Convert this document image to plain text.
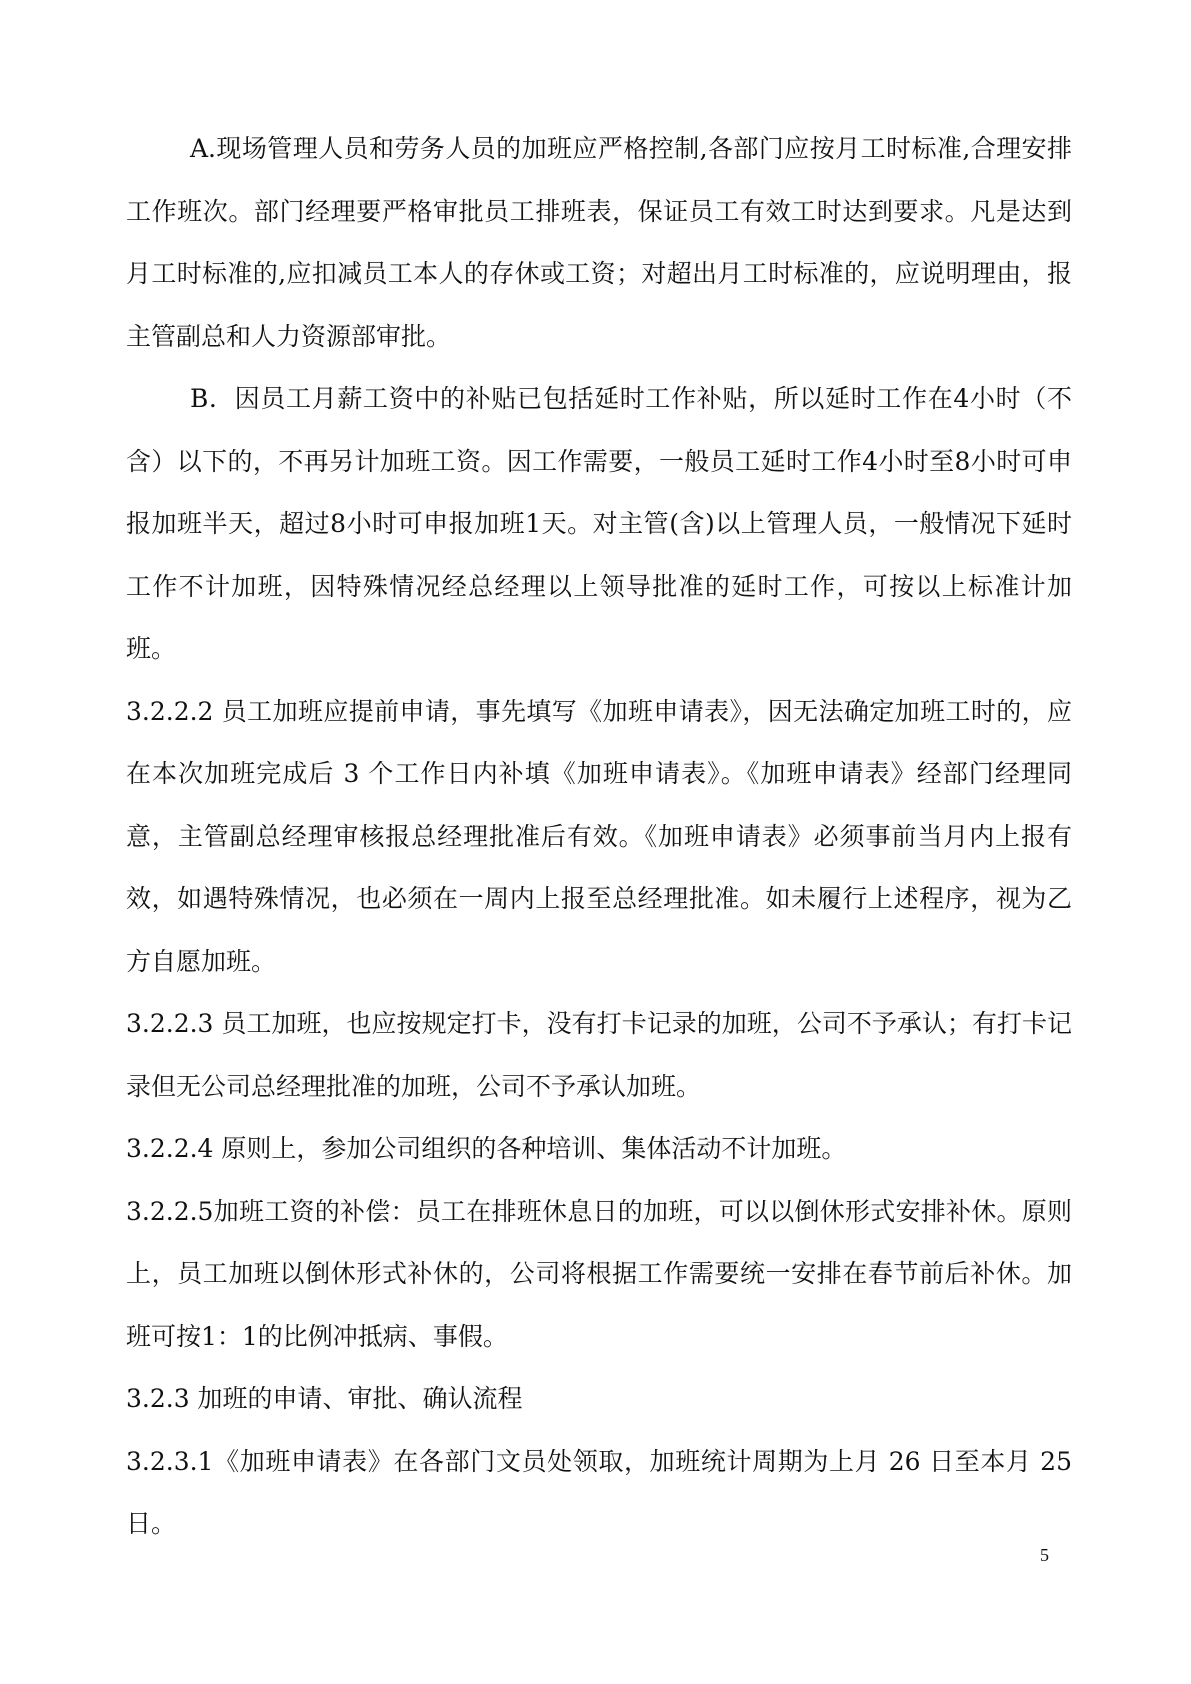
A.现场管理人员和劳务人员的加班应严格控制,各部门应按月工时标准,合理安排工作班次。部门经理要严格审批员工排班表，保证员工有效工时达到要求。凡是达到月工时标准的,应扣减员工本人的存休或工资；对超出月工时标准的，应说明理由，报主管副总和人力资源部审批。

B．因员工月薪工资中的补贴已包括延时工作补贴，所以延时工作在4小时（不含）以下的，不再另计加班工资。因工作需要，一般员工延时工作4小时至8小时可申报加班半天，超过8小时可申报加班1天。对主管(含)以上管理人员，一般情况下延时工作不计加班，因特殊情况经总经理以上领导批准的延时工作，可按以上标准计加班。

3.2.2.2 员工加班应提前申请，事先填写《加班申请表》，因无法确定加班工时的，应在本次加班完成后 3 个工作日内补填《加班申请表》。《加班申请表》经部门经理同意，主管副总经理审核报总经理批准后有效。《加班申请表》必须事前当月内上报有效，如遇特殊情况，也必须在一周内上报至总经理批准。如未履行上述程序，视为乙方自愿加班。

3.2.2.3 员工加班，也应按规定打卡，没有打卡记录的加班，公司不予承认；有打卡记录但无公司总经理批准的加班，公司不予承认加班。

3.2.2.4 原则上，参加公司组织的各种培训、集体活动不计加班。

3.2.2.5加班工资的补偿：员工在排班休息日的加班，可以以倒休形式安排补休。原则上，员工加班以倒休形式补休的，公司将根据工作需要统一安排在春节前后补休。加班可按1：1的比例冲抵病、事假。

3.2.3 加班的申请、审批、确认流程

3.2.3.1《加班申请表》在各部门文员处领取，加班统计周期为上月 26 日至本月 25 日。

5
